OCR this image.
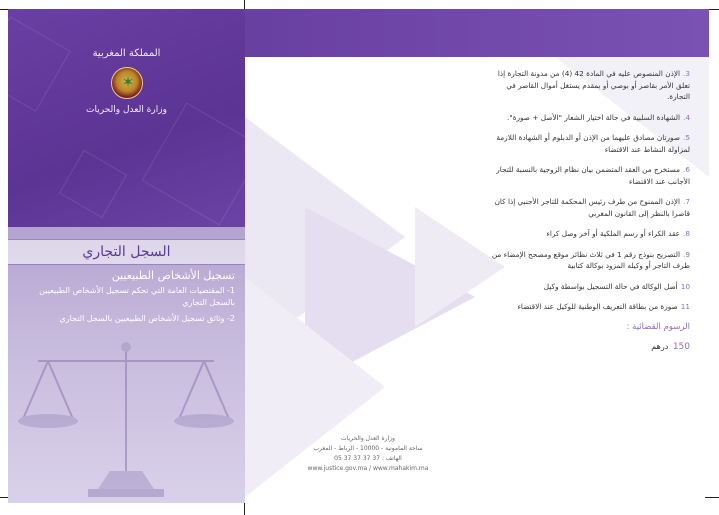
المملكة المغربية
✶
وزارة العدل والحريات
السجل التجاري
تسجيل الأشخاص الطبيعيين
1- المقتضيات العامة التي تحكم تسجيل الأشخاص الطبيعيين بالسجل التجاري
2- وثائق تسجيل الأشخاص الطبيعيين بالسجل التجاري

3.الإذن المنصوص عليه في المادة 42 (4) من مدونة التجارة إذا تعلق الأمر بقاصر أو بوصي أو بمقدم يستغل أموال القاصر في التجارة.

4.الشهادة السلبية في حالة اختيار الشعار "الأصل + صورة".

5.صورتان مصادق عليهما من الإذن أو الدبلوم أو الشهادة اللازمة لمزاولة النشاط عند الاقتضاء

6.مستخرج من العقد المتضمن بيان نظام الزوجية بالنسبة للتجار الأجانب عند الاقتضاء

7.الإذن الممنوح من طرف رئيس المحكمة للتاجر الأجنبي إذا كان قاصرا بالنظر إلى القانون المغربي

8.عقد الكراء أو رسم الملكية أو آخر وصل كراء

9.التصريح بنوذج رقم 1 في ثلاث نظائر موقع ومصحح الإمضاء من طرف التاجر أو وكيله المزود بوكالة كتابية

10أصل الوكالة في حالة التسجيل بواسطة وكيل

11صورة من بطاقة التعريف الوطنية للوكيل عند الاقتضاء

الرسوم القضائية :
150 درهم
وزارة العدل والحريات
ساحة المامونية - 10000 - الرباط - المغرب
الهاتف : 37 37 37 37 05
www.justice.gov.ma / www.mahakim.ma
